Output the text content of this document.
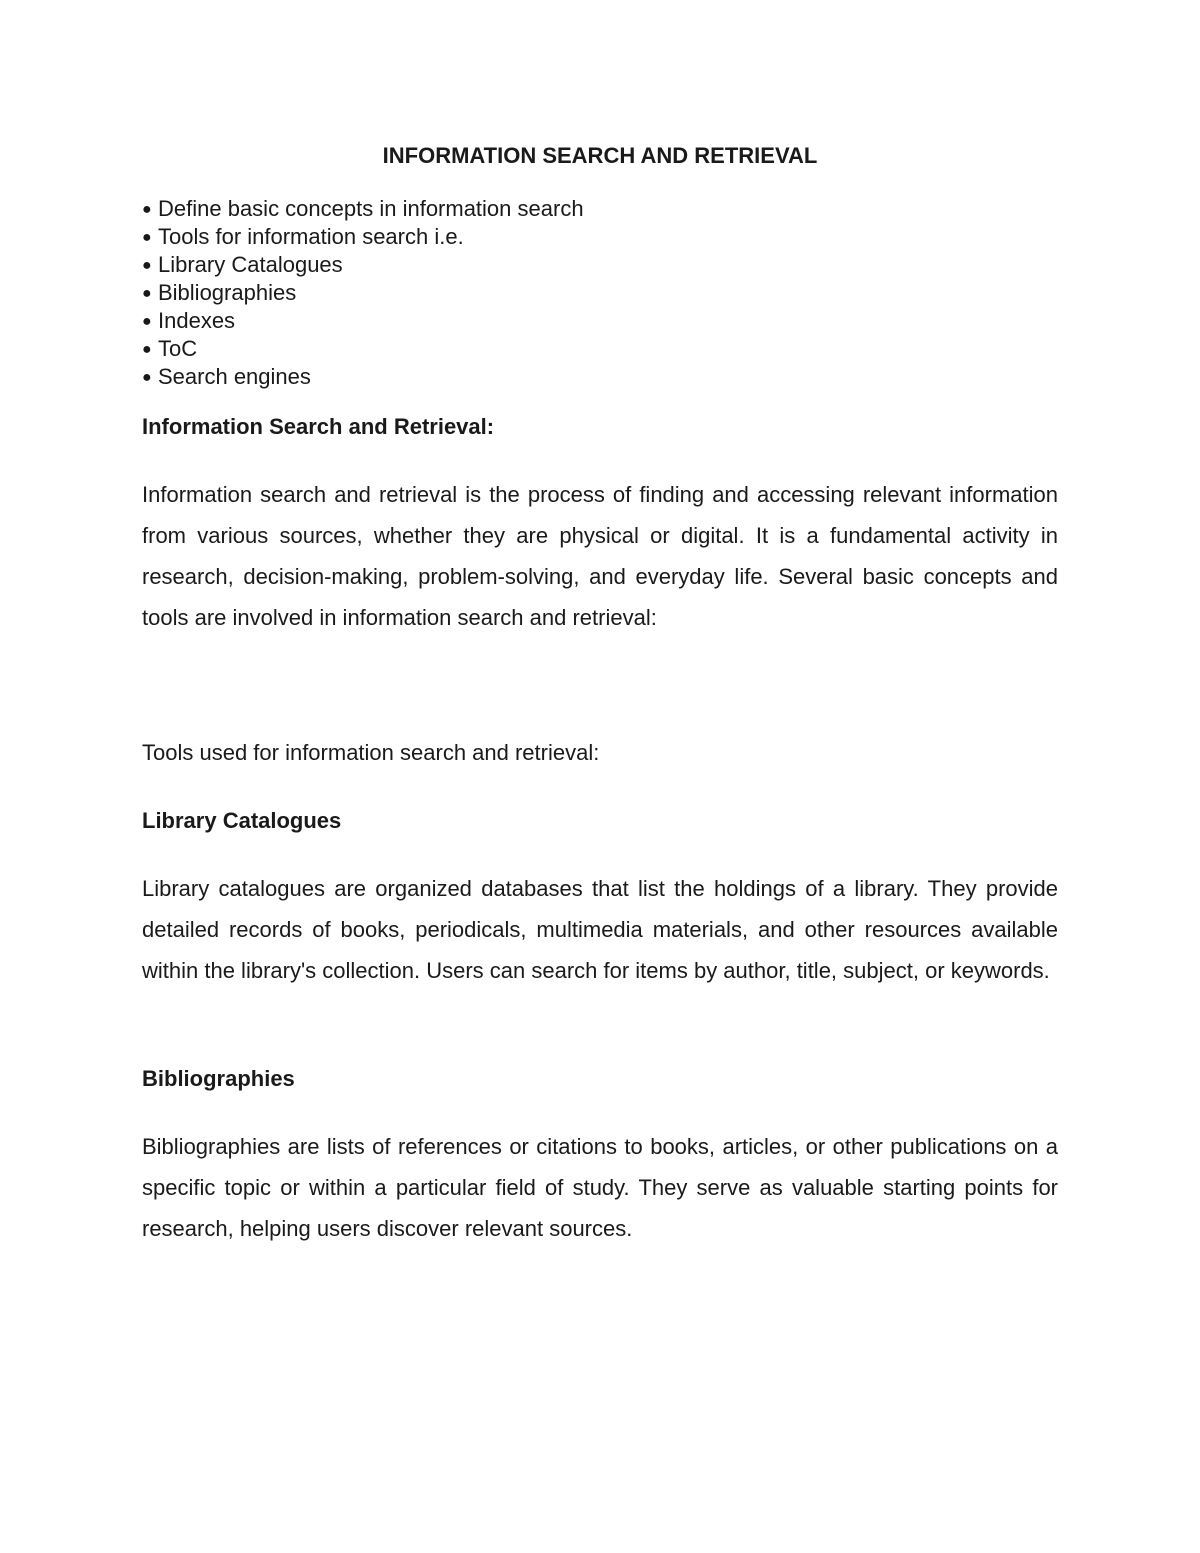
INFORMATION SEARCH AND RETRIEVAL
● Define basic concepts in information search
● Tools for information search i.e.
● Library Catalogues
● Bibliographies
● Indexes
● ToC
● Search engines
Information Search and Retrieval:

Information search and retrieval is the process of finding and accessing relevant information from various sources, whether they are physical or digital. It is a fundamental activity in research, decision-making, problem-solving, and everyday life. Several basic concepts and tools are involved in information search and retrieval:

Tools used for information search and retrieval:

Library Catalogues

Library catalogues are organized databases that list the holdings of a library. They provide detailed records of books, periodicals, multimedia materials, and other resources available within the library's collection. Users can search for items by author, title, subject, or keywords.

Bibliographies

Bibliographies are lists of references or citations to books, articles, or other publications on a specific topic or within a particular field of study. They serve as valuable starting points for research, helping users discover relevant sources.
